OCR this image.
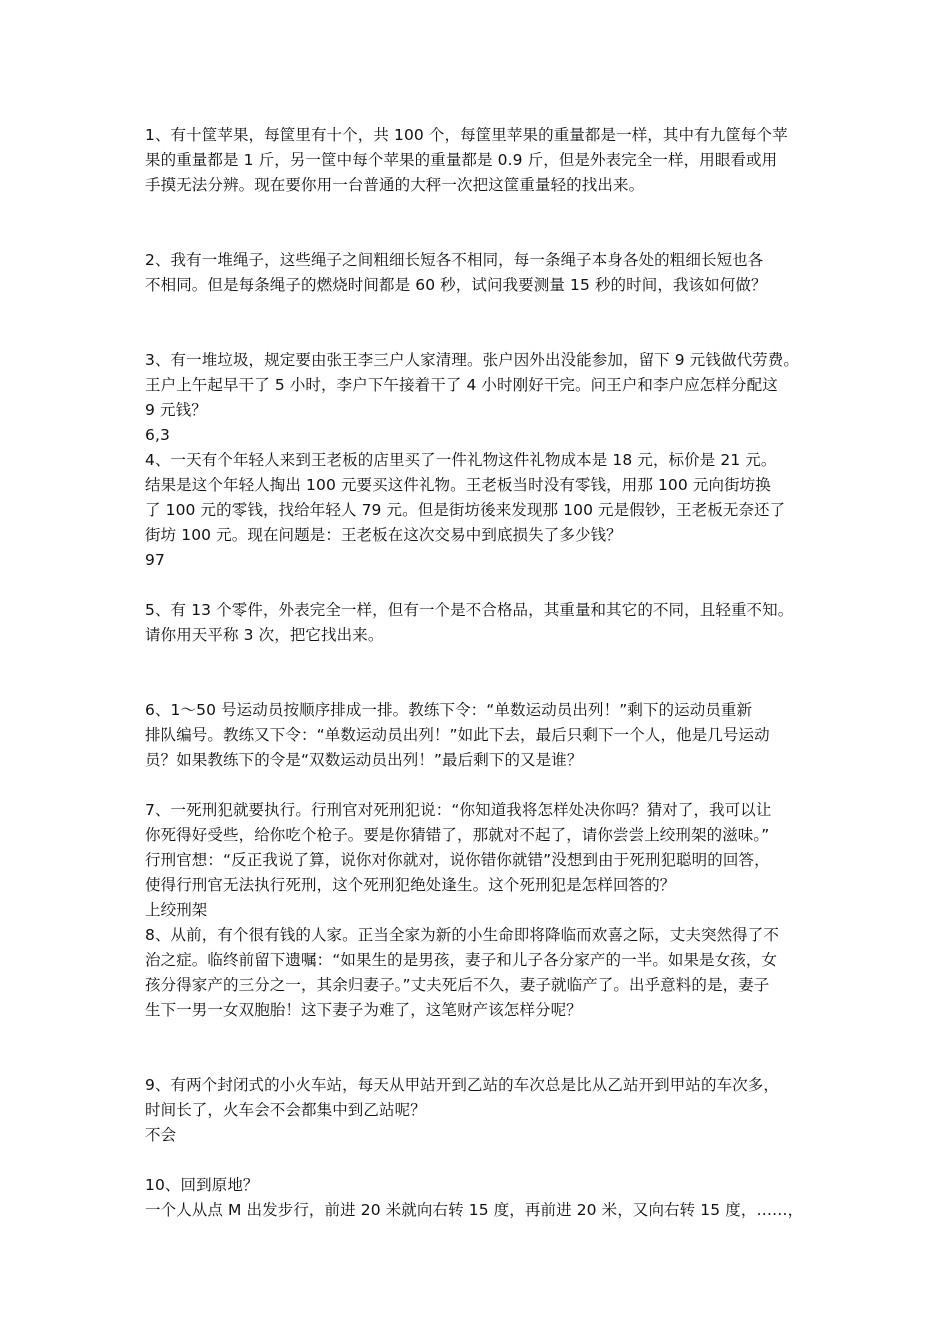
1、有十筐苹果，每筐里有十个，共 100 个，每筐里苹果的重量都是一样，其中有九筐每个苹
果的重量都是 1 斤，另一筐中每个苹果的重量都是 0.9 斤，但是外表完全一样，用眼看或用
手摸无法分辨。现在要你用一台普通的大秤一次把这筐重量轻的找出来。
2、我有一堆绳子，这些绳子之间粗细长短各不相同，每一条绳子本身各处的粗细长短也各
不相同。但是每条绳子的燃烧时间都是 60 秒，试问我要测量 15 秒的时间，我该如何做？
3、有一堆垃圾，规定要由张王李三户人家清理。张户因外出没能参加，留下 9 元钱做代劳费。
王户上午起早干了 5 小时，李户下午接着干了 4 小时刚好干完。问王户和李户应怎样分配这
9 元钱？
6,3
4、一天有个年轻人来到王老板的店里买了一件礼物这件礼物成本是 18 元，标价是 21 元。
结果是这个年轻人掏出 100 元要买这件礼物。王老板当时没有零钱，用那 100 元向街坊换
了 100 元的零钱，找给年轻人 79 元。但是街坊後来发现那 100 元是假钞，王老板无奈还了
街坊 100 元。现在问题是：王老板在这次交易中到底损失了多少钱？
97
5、有 13 个零件，外表完全一样，但有一个是不合格品，其重量和其它的不同，且轻重不知。
请你用天平称 3 次，把它找出来。
6、1～50 号运动员按顺序排成一排。教练下令：“单数运动员出列！”剩下的运动员重新
排队编号。教练又下令：“单数运动员出列！”如此下去，最后只剩下一个人，他是几号运动
员？如果教练下的令是“双数运动员出列！”最后剩下的又是谁？
7、一死刑犯就要执行。行刑官对死刑犯说：“你知道我将怎样处决你吗？猜对了，我可以让
你死得好受些，给你吃个枪子。要是你猜错了，那就对不起了，请你尝尝上绞刑架的滋味。”
行刑官想：“反正我说了算，说你对你就对，说你错你就错”没想到由于死刑犯聪明的回答，
使得行刑官无法执行死刑，这个死刑犯绝处逢生。这个死刑犯是怎样回答的？
上绞刑架
8、从前，有个很有钱的人家。正当全家为新的小生命即将降临而欢喜之际，丈夫突然得了不
治之症。临终前留下遗嘱：“如果生的是男孩，妻子和儿子各分家产的一半。如果是女孩，女
孩分得家产的三分之一，其余归妻子。”丈夫死后不久，妻子就临产了。出乎意料的是，妻子
生下一男一女双胞胎！这下妻子为难了，这笔财产该怎样分呢？
9、有两个封闭式的小火车站，每天从甲站开到乙站的车次总是比从乙站开到甲站的车次多，
时间长了，火车会不会都集中到乙站呢？
不会
10、回到原地？
一个人从点 M 出发步行，前进 20 米就向右转 15 度，再前进 20 米，又向右转 15 度，……，
